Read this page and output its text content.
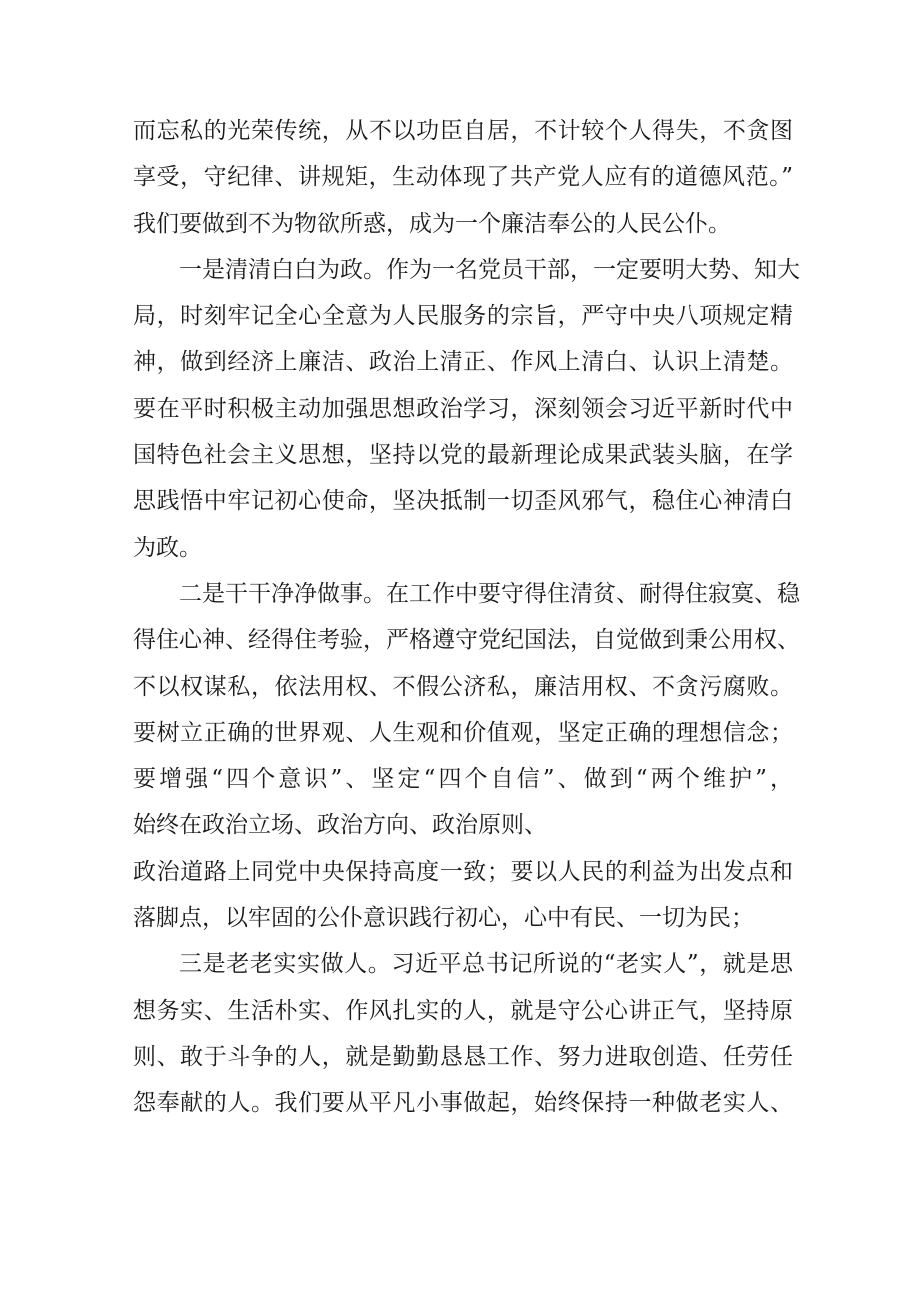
而忘私的光荣传统，从不以功臣自居，不计较个人得失，不贪图
享受，守纪律、讲规矩，生动体现了共产党人应有的道德风范。”
我们要做到不为物欲所惑，成为一个廉洁奉公的人民公仆。
一是清清白白为政。作为一名党员干部，一定要明大势、知大
局，时刻牢记全心全意为人民服务的宗旨，严守中央八项规定精
神，做到经济上廉洁、政治上清正、作风上清白、认识上清楚。
要在平时积极主动加强思想政治学习，深刻领会习近平新时代中
国特色社会主义思想，坚持以党的最新理论成果武装头脑，在学
思践悟中牢记初心使命，坚决抵制一切歪风邪气，稳住心神清白
为政。
二是干干净净做事。在工作中要守得住清贫、耐得住寂寞、稳
得住心神、经得住考验，严格遵守党纪国法，自觉做到秉公用权、
不以权谋私，依法用权、不假公济私，廉洁用权、不贪污腐败。
要树立正确的世界观、人生观和价值观，坚定正确的理想信念；
要增强“四个意识”、坚定“四个自信”、做到“两个维护”，
始终在政治立场、政治方向、政治原则、
政治道路上同党中央保持高度一致；要以人民的利益为出发点和
落脚点，以牢固的公仆意识践行初心，心中有民、一切为民；
三是老老实实做人。习近平总书记所说的“老实人”，就是思
想务实、生活朴实、作风扎实的人，就是守公心讲正气，坚持原
则、敢于斗争的人，就是勤勤恳恳工作、努力进取创造、任劳任
怨奉献的人。我们要从平凡小事做起，始终保持一种做老实人、
